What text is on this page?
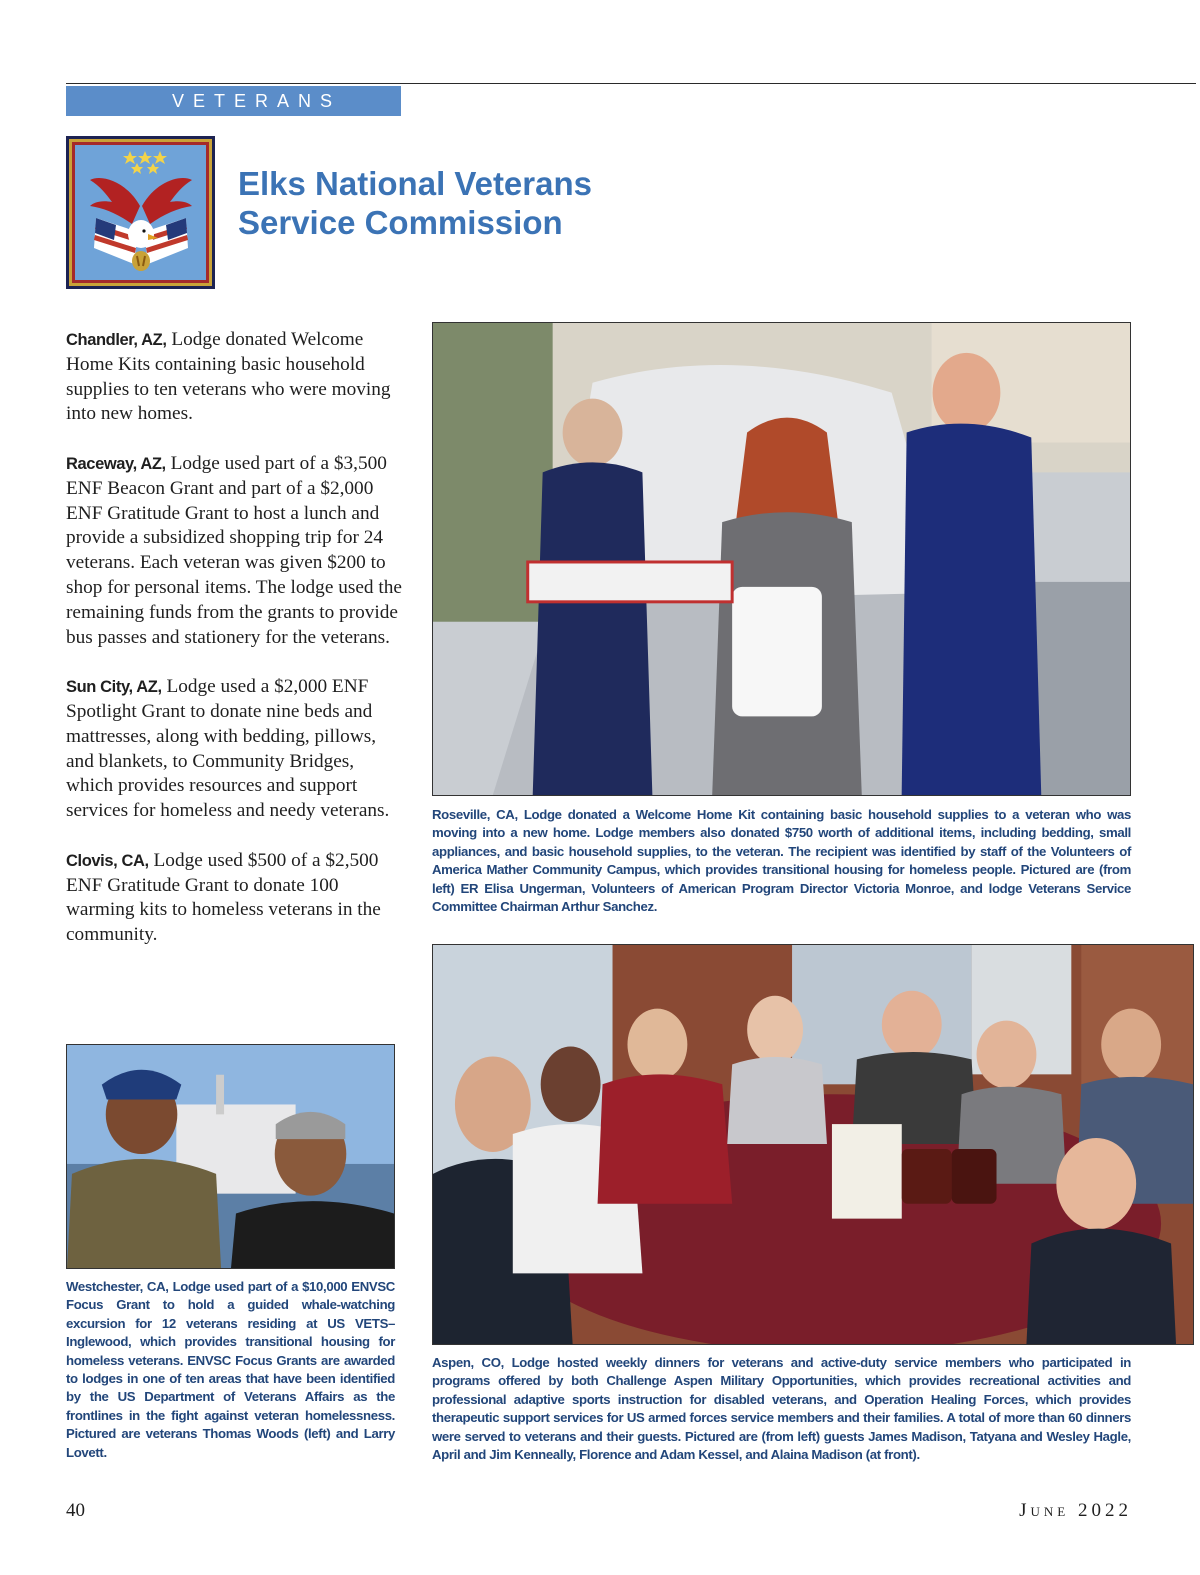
VETERANS
Elks National Veterans
Service Commission

Chandler, AZ, Lodge donated Welcome Home Kits containing basic household supplies to ten veterans who were moving into new homes.

Raceway, AZ, Lodge used part of a $3,500 ENF Beacon Grant and part of a $2,000 ENF Gratitude Grant to host a lunch and provide a subsidized shopping trip for 24 veterans. Each veteran was given $200 to shop for personal items. The lodge used the remaining funds from the grants to provide bus passes and stationery for the veterans.

Sun City, AZ, Lodge used a $2,000 ENF Spotlight Grant to donate nine beds and mattresses, along with bedding, pillows, and blankets, to Community Bridges, which provides resources and support services for homeless and needy veterans.

Clovis, CA, Lodge used $500 of a $2,500 ENF Gratitude Grant to donate 100 warming kits to homeless veterans in the community.

Roseville, CA, Lodge donated a Welcome Home Kit containing basic household supplies to a veteran who was moving into a new home. Lodge members also donated $750 worth of additional items, including bedding, small appliances, and basic household supplies, to the veteran. The recipient was identified by staff of the Volunteers of America Mather Community Campus, which provides transitional housing for homeless people. Pictured are (from left) ER Elisa Ungerman, Volunteers of American Program Director Victoria Monroe, and lodge Veterans Service Committee Chairman Arthur Sanchez.

Westchester, CA, Lodge used part of a $10,000 ENVSC Focus Grant to hold a guided whale-watching excursion for 12 veterans residing at US VETS–Inglewood, which provides transitional housing for homeless veterans. ENVSC Focus Grants are awarded to lodges in one of ten areas that have been identified by the US Department of Veterans Affairs as the frontlines in the fight against veteran homelessness. Pictured are veterans Thomas Woods (left) and Larry Lovett.

Aspen, CO, Lodge hosted weekly dinners for veterans and active-duty service members who participated in programs offered by both Challenge Aspen Military Opportunities, which provides recreational activities and professional adaptive sports instruction for disabled veterans, and Operation Healing Forces, which provides therapeutic support services for US armed forces service members and their families. A total of more than 60 dinners were served to veterans and their guests. Pictured are (from left) guests James Madison, Tatyana and Wesley Hagle, April and Jim Kenneally, Florence and Adam Kessel, and Alaina Madison (at front).

40	June 2022
